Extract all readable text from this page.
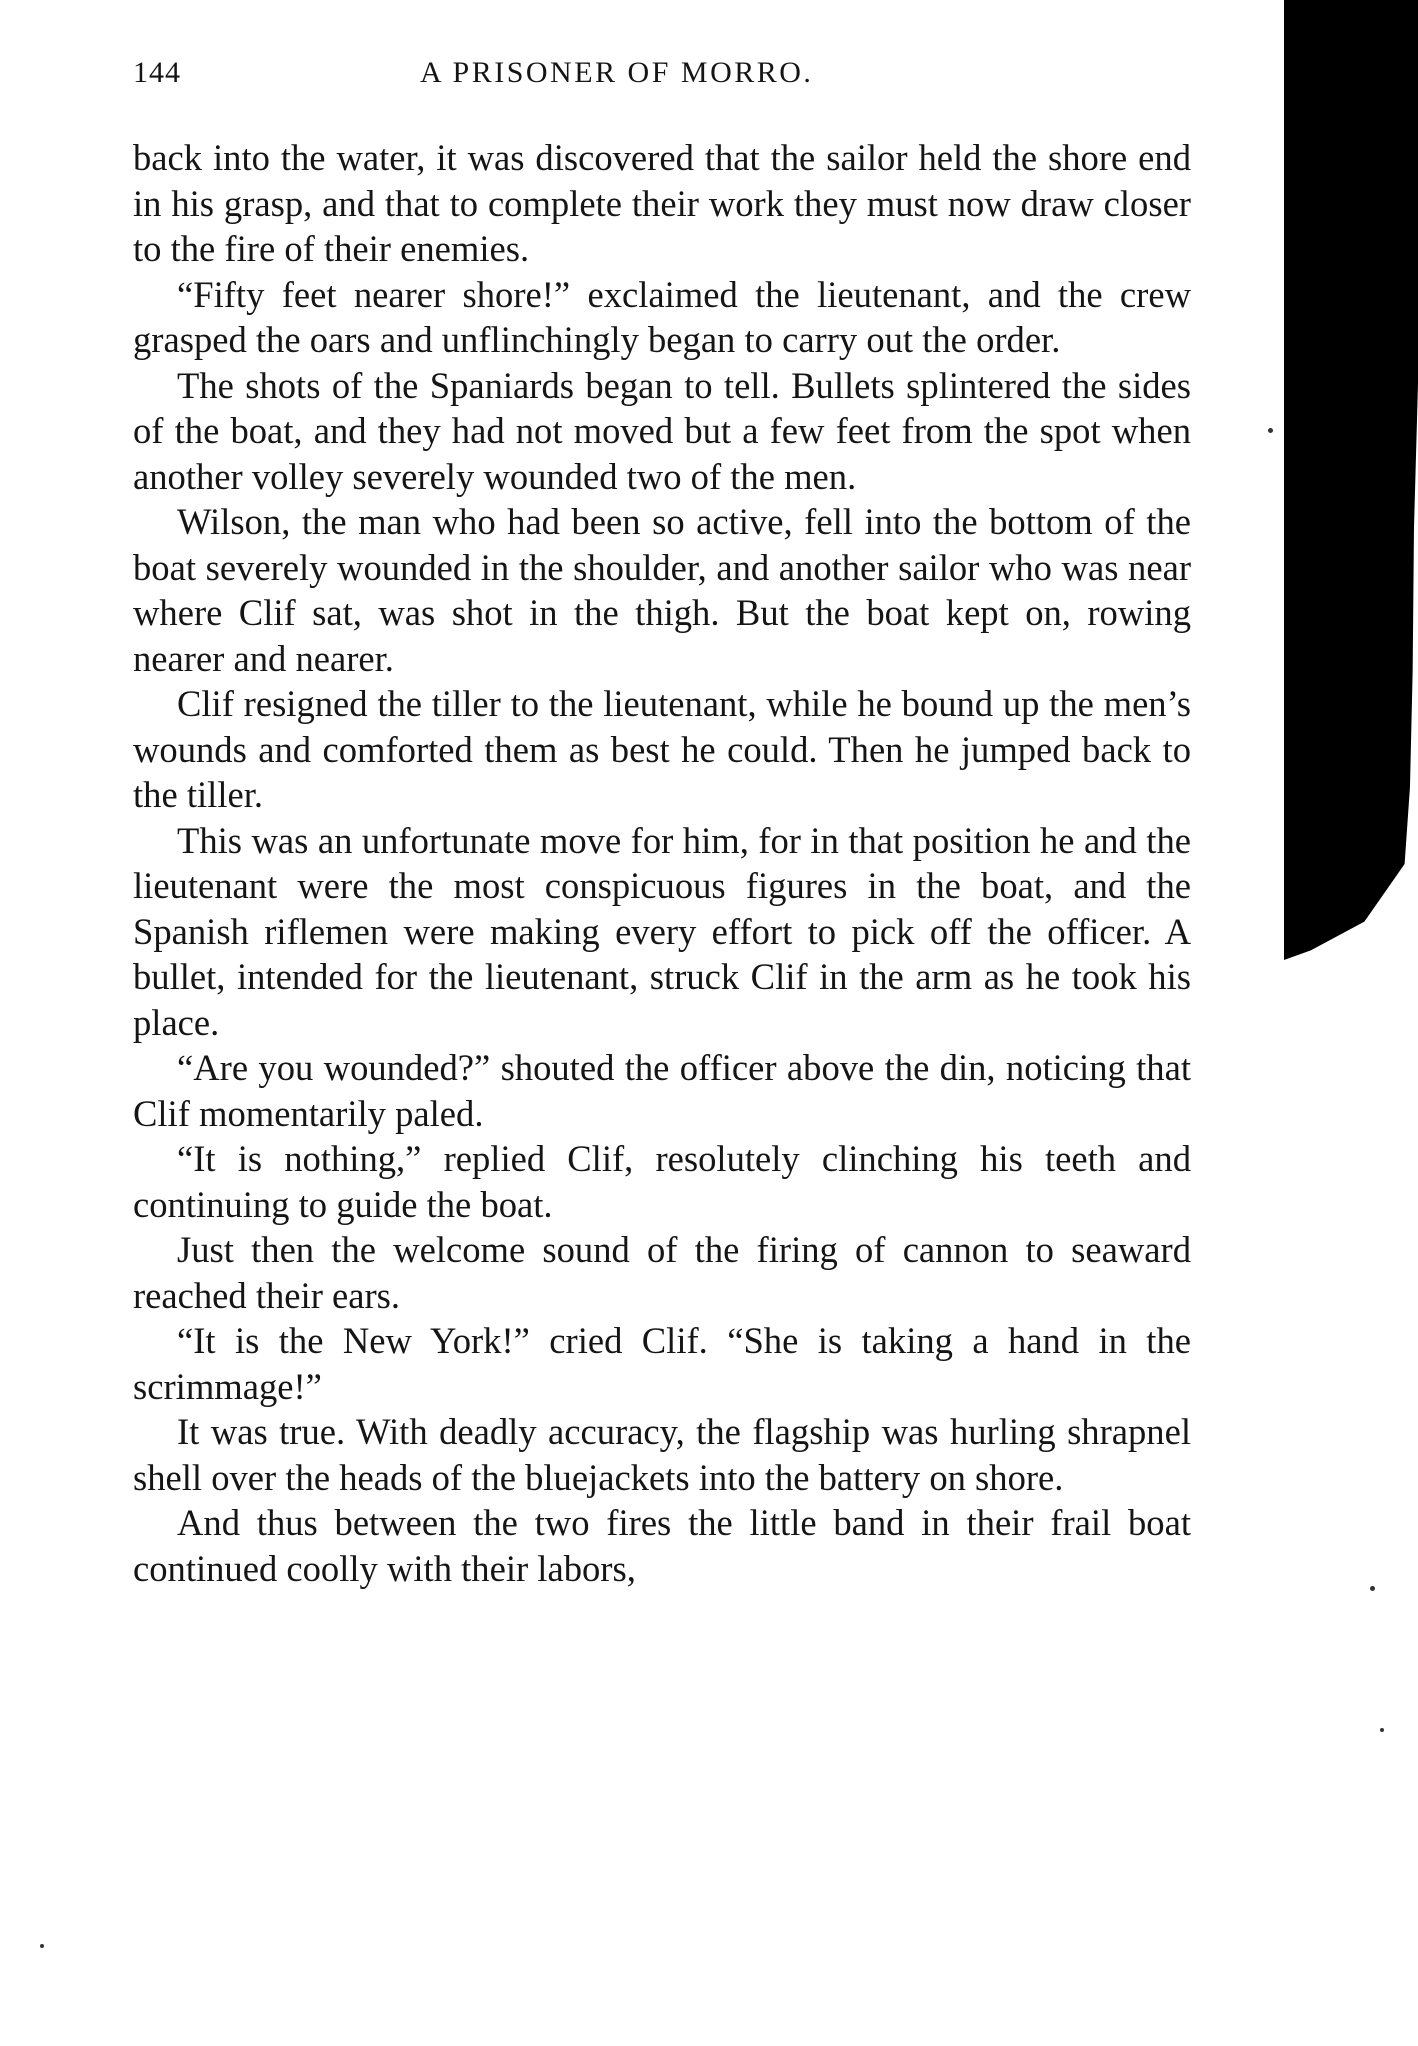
144	A PRISONER OF MORRO.

back into the water, it was discovered that the sailor held the shore end in his grasp, and that to complete their work they must now draw closer to the fire of their enemies.

“Fifty feet nearer shore!” exclaimed the lieutenant, and the crew grasped the oars and unflinchingly began to carry out the order.

The shots of the Spaniards began to tell. Bullets splintered the sides of the boat, and they had not moved but a few feet from the spot when another volley severely wounded two of the men.

Wilson, the man who had been so active, fell into the bottom of the boat severely wounded in the shoulder, and another sailor who was near where Clif sat, was shot in the thigh. But the boat kept on, rowing nearer and nearer.

Clif resigned the tiller to the lieutenant, while he bound up the men’s wounds and comforted them as best he could. Then he jumped back to the tiller.

This was an unfortunate move for him, for in that position he and the lieutenant were the most conspicuous figures in the boat, and the Spanish riflemen were making every effort to pick off the officer. A bullet, intended for the lieutenant, struck Clif in the arm as he took his place.

“Are you wounded?” shouted the officer above the din, noticing that Clif momentarily paled.

“It is nothing,” replied Clif, resolutely clinching his teeth and continuing to guide the boat.

Just then the welcome sound of the firing of cannon to seaward reached their ears.

“It is the New York!” cried Clif. “She is taking a hand in the scrimmage!”

It was true. With deadly accuracy, the flagship was hurling shrapnel shell over the heads of the bluejackets into the battery on shore.

And thus between the two fires the little band in their frail boat continued coolly with their labors,
